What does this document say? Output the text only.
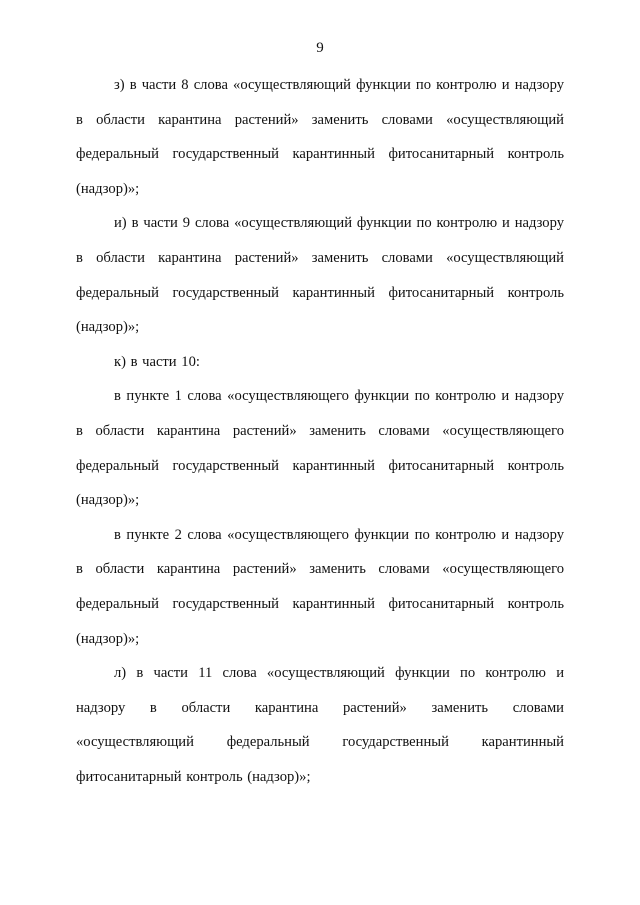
9

з) в части 8 слова «осуществляющий функции по контролю и надзору в области карантина растений» заменить словами «осуществляющий федеральный государственный карантинный фитосанитарный контроль (надзор)»;

и) в части 9 слова «осуществляющий функции по контролю и надзору в области карантина растений» заменить словами «осуществляющий федеральный государственный карантинный фитосанитарный контроль (надзор)»;

к) в части 10:

в пункте 1 слова «осуществляющего функции по контролю и надзору в области карантина растений» заменить словами «осуществляющего федеральный государственный карантинный фитосанитарный контроль (надзор)»;

в пункте 2 слова «осуществляющего функции по контролю и надзору в области карантина растений» заменить словами «осуществляющего федеральный государственный карантинный фитосанитарный контроль (надзор)»;

л) в части 11 слова «осуществляющий функции по контролю и надзору в области карантина растений» заменить словами «осуществляющий федеральный государственный карантинный фитосанитарный контроль (надзор)»;
